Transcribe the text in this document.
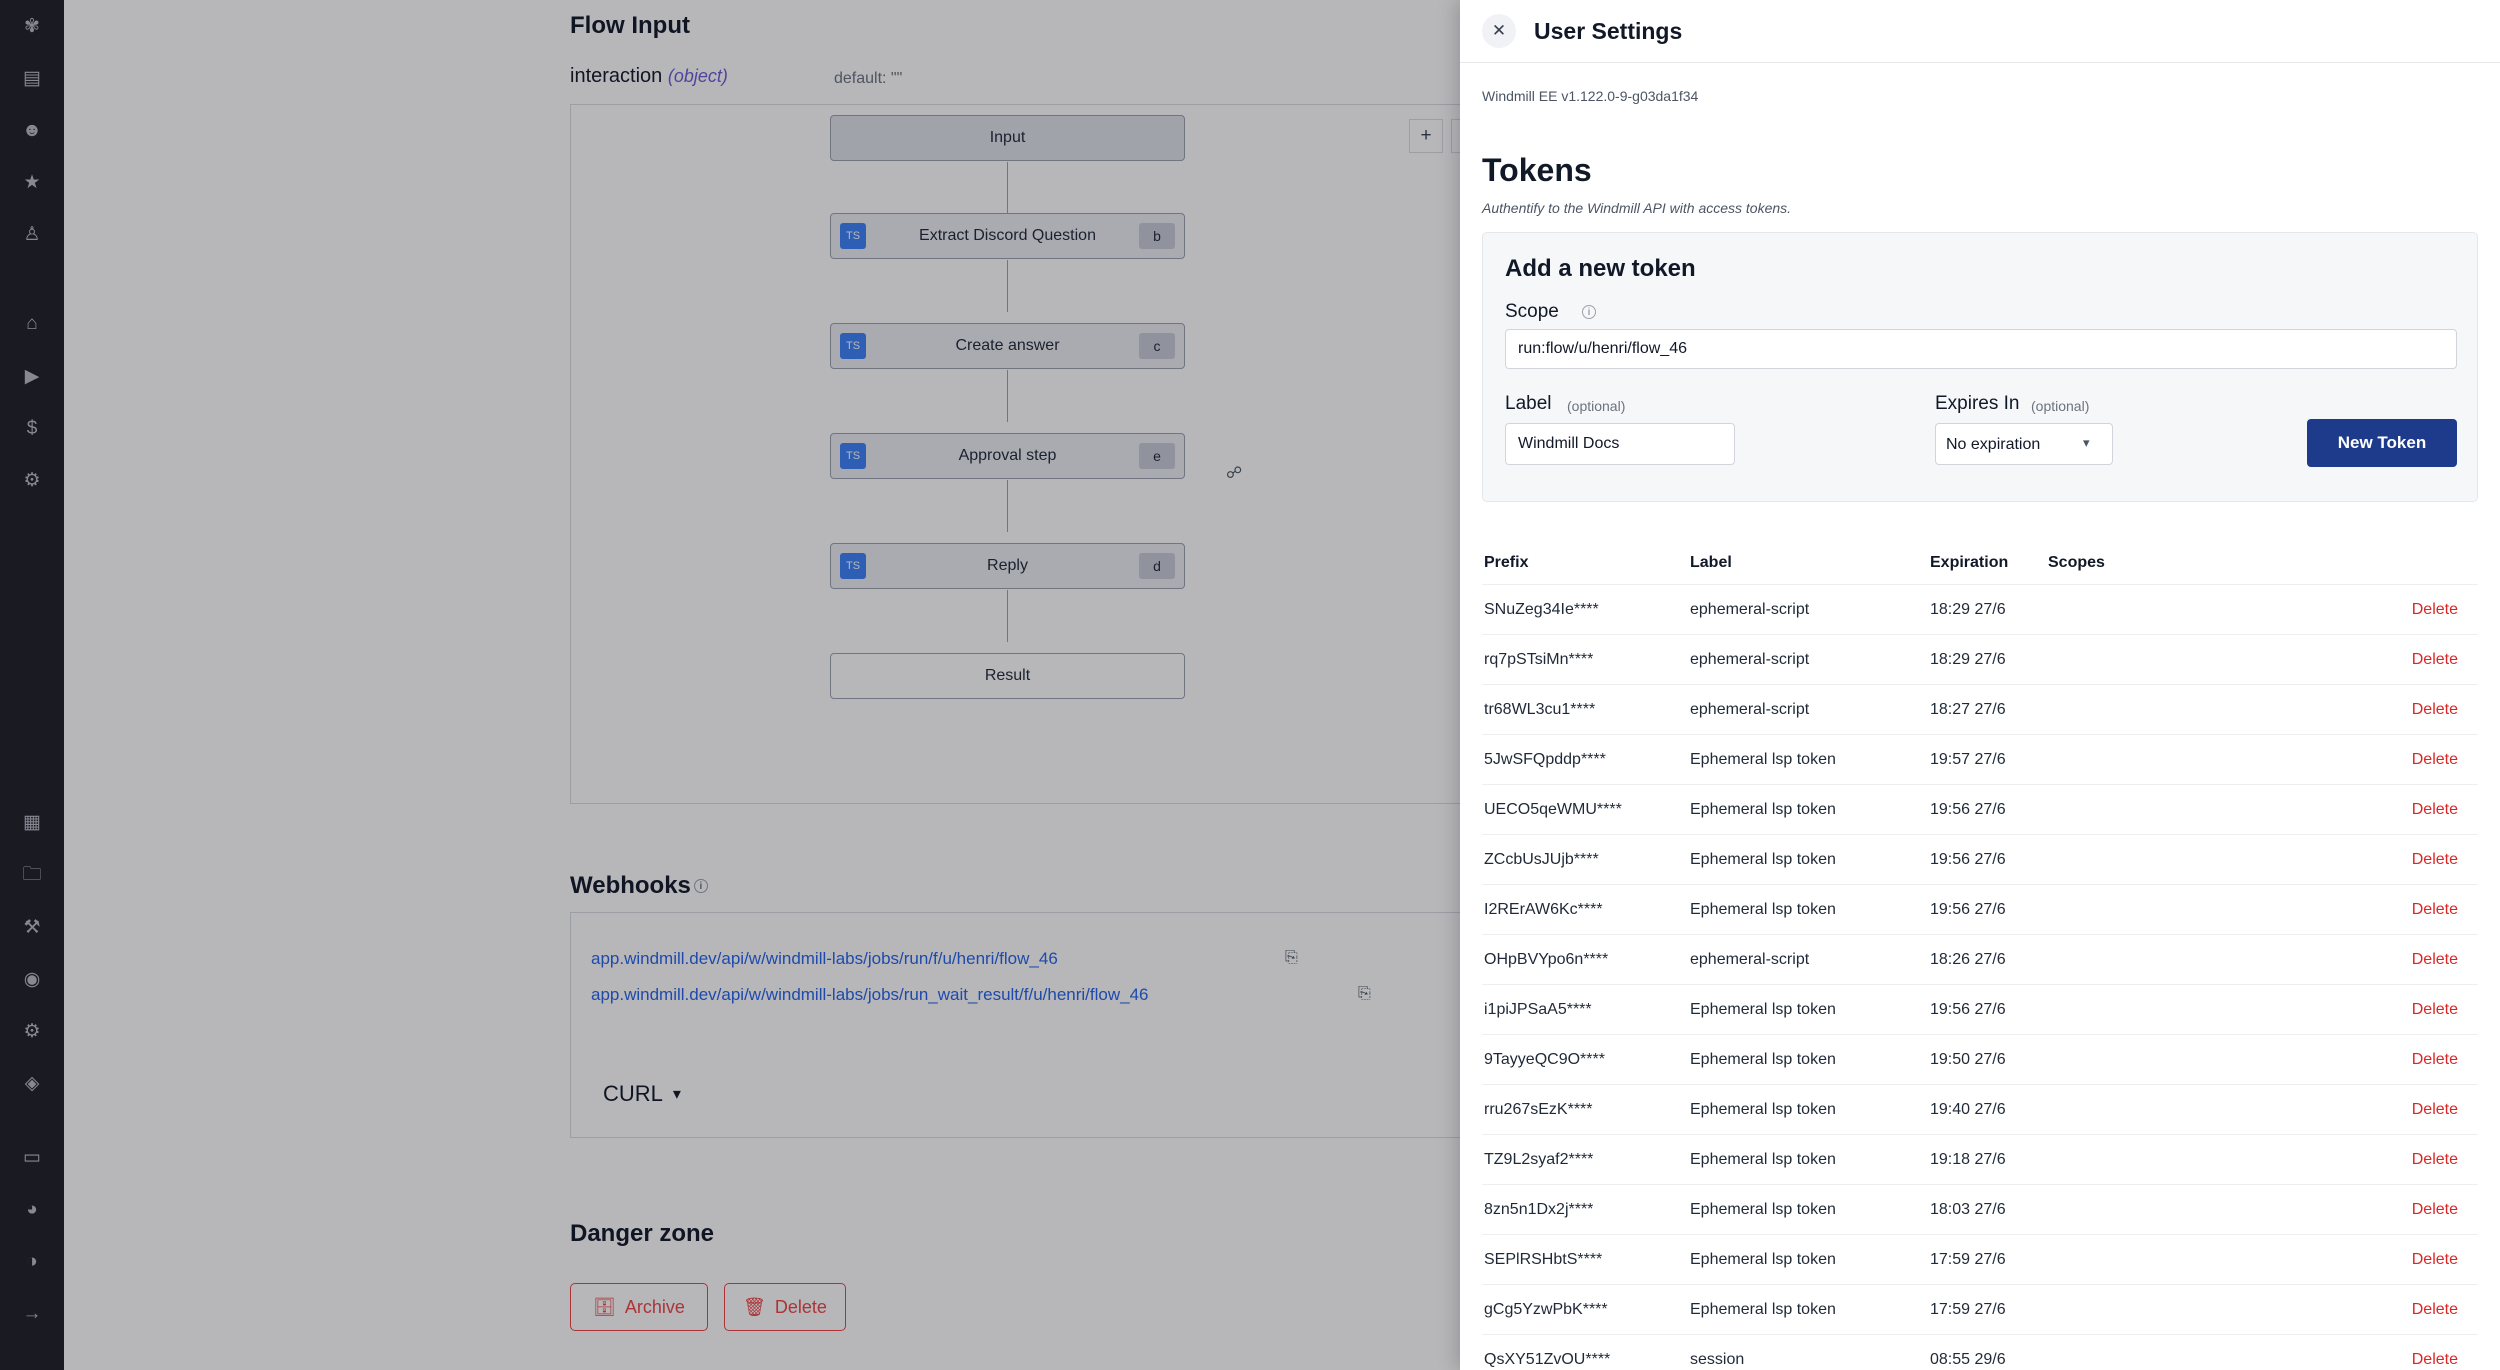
✾
▤
☻
★
♙
⌂
▶
$
⚙
▦
🗀
⚒
◉
⚙
◈
▭
◕
◑
→
Flow Input
interaction (object)	default: ""
+
Input
TS	Extract Discord Question	b
TS	Create answer	c
TS	Approval step	e
☍
TS	Reply	d
Result
Webhooks i
app.windmill.dev/api/w/windmill-labs/jobs/run/f/u/henri/flow_46	⎘
app.windmill.dev/api/w/windmill-labs/jobs/run_wait_result/f/u/henri/flow_46	⎘
CURL ▾
Danger zone
🗄 Archive	🗑 Delete
✕	User Settings
Windmill EE v1.122.0-9-g03da1f34
Tokens
Authentify to the Windmill API with access tokens.
Add a new token
Scope	i
run:flow/u/henri/flow_46
Label (optional)
Windmill Docs	Expires In (optional)
No expiration
▾	New Token
Prefix	Label	Expiration	Scopes
SNuZeg34Ie****	ephemeral-script	18:29 27/6	Delete
rq7pSTsiMn****	ephemeral-script	18:29 27/6	Delete
tr68WL3cu1****	ephemeral-script	18:27 27/6	Delete
5JwSFQpddp****	Ephemeral lsp token	19:57 27/6	Delete
UECO5qeWMU****	Ephemeral lsp token	19:56 27/6	Delete
ZCcbUsJUjb****	Ephemeral lsp token	19:56 27/6	Delete
I2RErAW6Kc****	Ephemeral lsp token	19:56 27/6	Delete
OHpBVYpo6n****	ephemeral-script	18:26 27/6	Delete
i1piJPSaA5****	Ephemeral lsp token	19:56 27/6	Delete
9TayyeQC9O****	Ephemeral lsp token	19:50 27/6	Delete
rru267sEzK****	Ephemeral lsp token	19:40 27/6	Delete
TZ9L2syaf2****	Ephemeral lsp token	19:18 27/6	Delete
8zn5n1Dx2j****	Ephemeral lsp token	18:03 27/6	Delete
SEPlRSHbtS****	Ephemeral lsp token	17:59 27/6	Delete
gCg5YzwPbK****	Ephemeral lsp token	17:59 27/6	Delete
QsXY51ZvOU****	session	08:55 29/6	Delete
